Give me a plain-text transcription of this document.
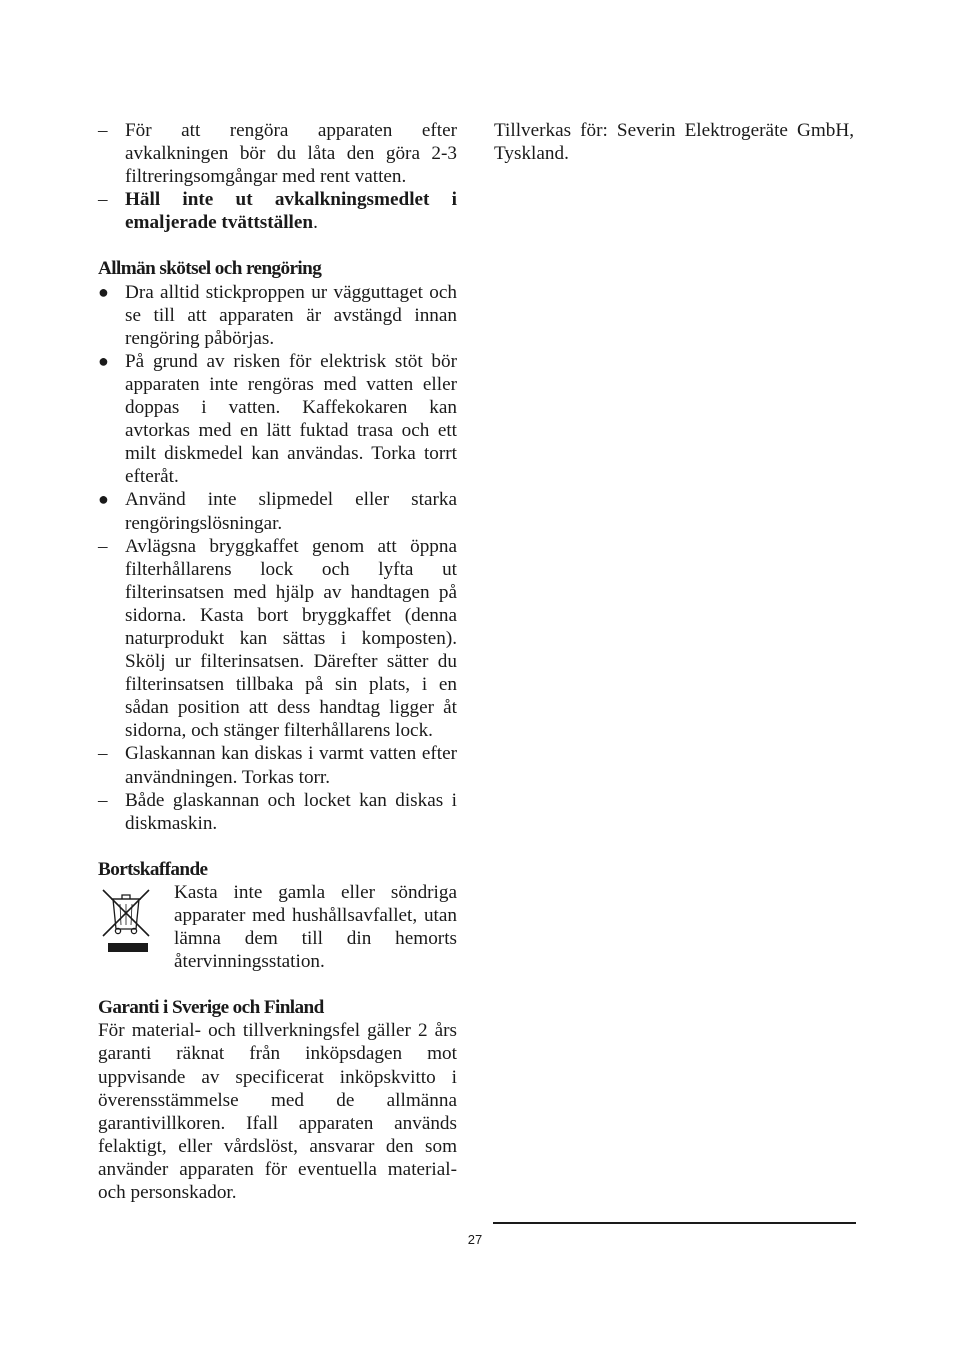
– För att rengöra apparaten efter avkalkningen bör du låta den göra 2-3 filtreringsomgångar med rent vatten.
– Häll inte ut avkalkningsmedlet i emaljerade tvättställen.
Allmän skötsel och rengöring
● Dra alltid stickproppen ur vägguttaget och se till att apparaten är avstängd innan rengöring påbörjas.
● På grund av risken för elektrisk stöt bör apparaten inte rengöras med vatten eller doppas i vatten. Kaffekokaren kan avtorkas med en lätt fuktad trasa och ett milt diskmedel kan användas. Torka torrt efteråt.
● Använd inte slipmedel eller starka rengöringslösningar.
– Avlägsna bryggkaffet genom att öppna filterhållarens lock och lyfta ut filterinsatsen med hjälp av handtagen på sidorna. Kasta bort bryggkaffet (denna naturprodukt kan sättas i komposten). Skölj ur filterinsatsen. Därefter sätter du filterinsatsen tillbaka på sin plats, i en sådan position att dess handtag ligger åt sidorna, och stänger filterhållarens lock.
– Glaskannan kan diskas i varmt vatten efter användningen. Torkas torr.
– Både glaskannan och locket kan diskas i diskmaskin.
Bortskaffande
Kasta inte gamla eller söndriga apparater med hushållsavfallet, utan lämna dem till din hemorts återvinningsstation.
Garanti i Sverige och Finland
För material- och tillverkningsfel gäller 2 års garanti räknat från inköpsdagen mot uppvisande av specificerat inköpskvitto i överensstämmelse med de allmänna garantivillkoren. Ifall apparaten används felaktigt, eller vårdslöst, ansvarar den som använder apparaten för eventuella material- och personskador.
Tillverkas för: Severin Elektrogeräte GmbH, Tyskland.
27
